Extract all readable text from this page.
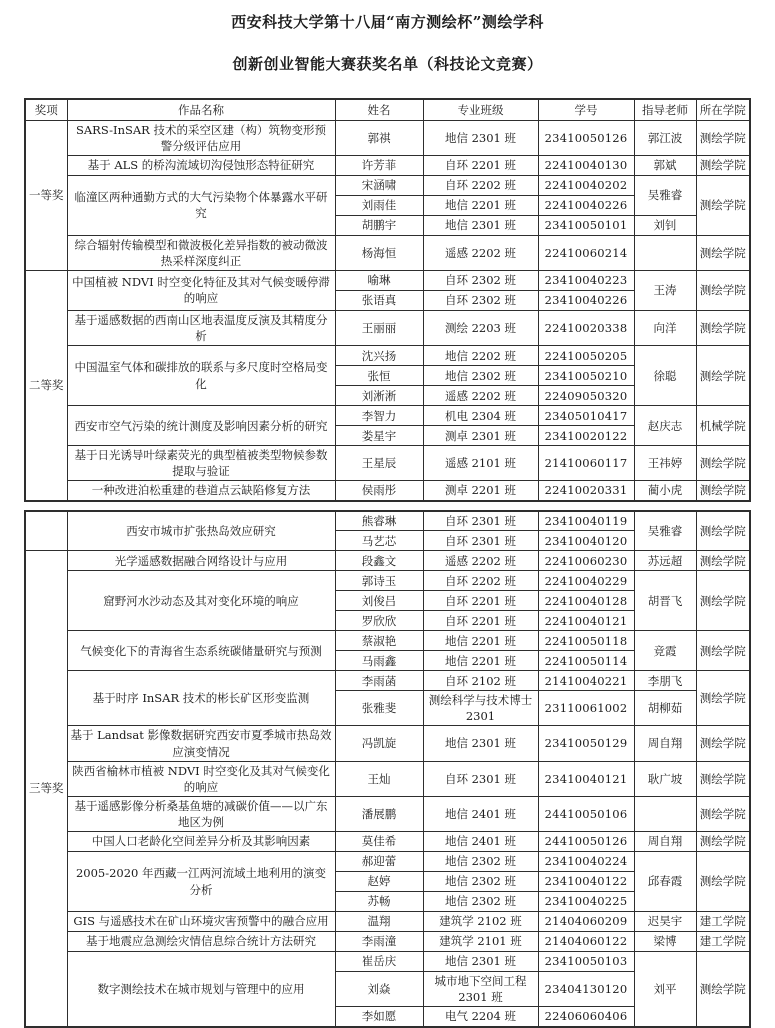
西安科技大学第十八届“南方测绘杯”测绘学科
创新创业智能大赛获奖名单（科技论文竞赛）
奖项	作品名称	姓名	专业班级	学号	指导老师	所在学院
一等奖	SARS-InSAR 技术的采空区建（构）筑物变形预警分级评估应用	郭祺	地信 2301 班	23410050126	郭江波	测绘学院
	基于 ALS 的桥沟流域切沟侵蚀形态特征研究	许芳菲	自环 2201 班	22410040130	郭斌	测绘学院
	临潼区两种通勤方式的大气污染物个体暴露水平研究	宋涵啸	自环 2202 班	22410040202	吴雅睿	测绘学院
		刘雨佳	地信 2201 班	22410040226		
		胡鹏宇	地信 2301 班	23410050101	刘钊	
	综合辐射传输模型和微波极化差异指数的被动微波热采样深度纠正	杨海恒	遥感 2202 班	22410060214		测绘学院
二等奖	中国植被 NDVI 时空变化特征及其对气候变暖停滞的响应	喻琳	自环 2302 班	23410040223	王涛	测绘学院
		张语真	自环 2302 班	23410040226		
	基于遥感数据的西南山区地表温度反演及其精度分析	王丽丽	测绘 2203 班	22410020338	向洋	测绘学院
	中国温室气体和碳排放的联系与多尺度时空格局变化	沈兴扬	地信 2202 班	22410050205	徐聪	测绘学院
		张恒	地信 2302 班	23410050210		
		刘淅淅	遥感 2202 班	22409050320		
	西安市空气污染的统计测度及影响因素分析的研究	李智力	机电 2304 班	23405010417	赵庆志	机械学院
		娄星宇	测卓 2301 班	23410020122		
	基于日光诱导叶绿素荧光的典型植被类型物候参数提取与验证	王星辰	遥感 2101 班	21410060117	王祎婷	测绘学院
	一种改进泊松重建的巷道点云缺陷修复方法	侯雨彤	测卓 2201 班	22410020331	蔺小虎	测绘学院
	西安市城市扩张热岛效应研究	熊睿琳	自环 2301 班	23410040119	吴雅睿	测绘学院
		马艺芯	自环 2301 班	23410040120		
三等奖	光学遥感数据融合网络设计与应用	段鑫文	遥感 2202 班	22410060230	苏远超	测绘学院
	窟野河水沙动态及其对变化环境的响应	郭诗玉	自环 2202 班	22410040229	胡晋飞	测绘学院
		刘俊吕	自环 2201 班	22410040128		
		罗欣欣	自环 2201 班	22410040121		
	气候变化下的青海省生态系统碳储量研究与预测	蔡淑艳	地信 2201 班	22410050118	竞霞	测绘学院
		马雨鑫	地信 2201 班	22410050114		
	基于时序 InSAR 技术的彬长矿区形变监测	李雨菡	自环 2102 班	21410040221	李朋飞	测绘学院
		张雅斐	测绘科学与技术博士 2301	23110061002	胡柳茹	
	基于 Landsat 影像数据研究西安市夏季城市热岛效应演变情况	冯凯旋	地信 2301 班	23410050129	周自翔	测绘学院
	陕西省榆林市植被 NDVI 时空变化及其对气候变化的响应	王灿	自环 2301 班	23410040121	耿广坡	测绘学院
	基于遥感影像分析桑基鱼塘的减碳价值——以广东地区为例	潘展鹏	地信 2401 班	24410050106		测绘学院
	中国人口老龄化空间差异分析及其影响因素	莫佳希	地信 2401 班	24410050126	周自翔	测绘学院
	2005-2020 年西藏一江两河流域土地利用的演变分析	郝迎蕾	地信 2302 班	23410040224	邱春霞	测绘学院
		赵婷	地信 2302 班	23410040122		
		苏畅	地信 2302 班	23410040225		
	GIS 与遥感技术在矿山环境灾害预警中的融合应用	温翔	建筑学 2102 班	21404060209	迟昊宇	建工学院
	基于地震应急测绘灾情信息综合统计方法研究	李雨潼	建筑学 2101 班	21404060122	梁博	建工学院
	数字测绘技术在城市规划与管理中的应用	崔岳庆	地信 2301 班	23410050103	刘平	测绘学院
		刘焱	城市地下空间工程 2301 班	23404130120		
		李如愿	电气 2204 班	22406060406		
